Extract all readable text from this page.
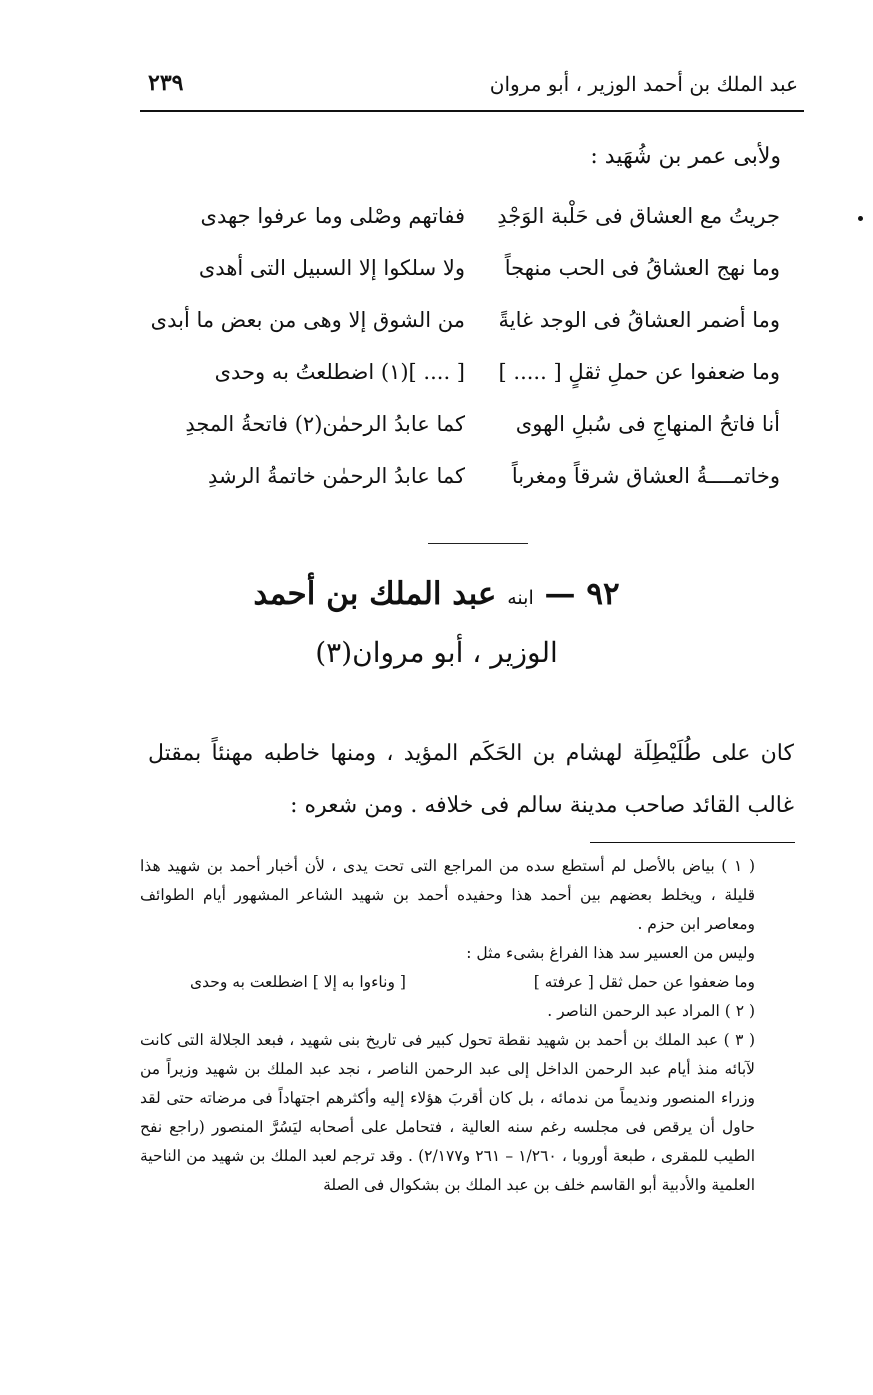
عبد الملك بن أحمد الوزير ، أبو مروان
٢٣٩
ولأبى عمر بن شُهَيد :
جريتُ مع العشاق فى حَلْبة الوَجْدِ
ففاتهم وصْلى وما عرفوا جهدى
وما نهج العشاقُ فى الحب منهجاً
ولا سلكوا إلا السبيل التى أهدى
وما أضمر العشاقُ فى الوجد غايةً
من الشوق إلا وهى من بعض ما أبدى
وما ضعفوا عن حملِ ثقلٍ [ ..... ]
[ .... ](١) اضطلعتُ به وحدى
أنا فاتحُ المنهاجِ فى سُبلِ الهوى
كما عابدُ الرحمٰن(٢) فاتحةُ المجدِ
وخاتمــــةُ العشاق شرقاً ومغرباً
كما عابدُ الرحمٰن خاتمةُ الرشدِ
٩٢ — ابنه عبد الملك بن أحمد
الوزير ، أبو مروان(٣)
كان على طُلَيْطِلَة لهشام بن الحَكَم المؤيد ، ومنها خاطبه مهنئاً بمقتل غالب القائد صاحب مدينة سالم فى خلافه . ومن شعره :

( ١ ) بياض بالأصل لم أستطع سده من المراجع التى تحت يدى ، لأن أخبار أحمد بن شهيد هذا قليلة ، ويخلط بعضهم بين أحمد هذا وحفيده أحمد بن شهيد الشاعر المشهور أيام الطوائف ومعاصر ابن حزم .

وليس من العسير سد هذا الفراغ بشىء مثل :

وما ضعفوا عن حمل ثقل [ عرفته ]
[ وناءوا به إلا ] اضطلعت به وحدى

( ٢ ) المراد عبد الرحمن الناصر .

( ٣ ) عبد الملك بن أحمد بن شهيد نقطة تحول كبير فى تاريخ بنى شهيد ، فبعد الجلالة التى كانت لآبائه منذ أيام عبد الرحمن الداخل إلى عبد الرحمن الناصر ، نجد عبد الملك بن شهيد وزيراً من وزراء المنصور ونديماً من ندمائه ، بل كان أقربَ هؤلاء إليه وأكثرهم اجتهاداً فى مرضاته حتى لقد حاول أن يرقص فى مجلسه رغم سنه العالية ، فتحامل على أصحابه ليَسُرَّ المنصور (راجع نفح الطيب للمقرى ، طبعة أوروبا ، ١/٢٦٠ – ٢٦١ و٢/١٧٧) . وقد ترجم لعبد الملك بن شهيد من الناحية العلمية والأدبية أبو القاسم خلف بن عبد الملك بن بشكوال فى الصلة
